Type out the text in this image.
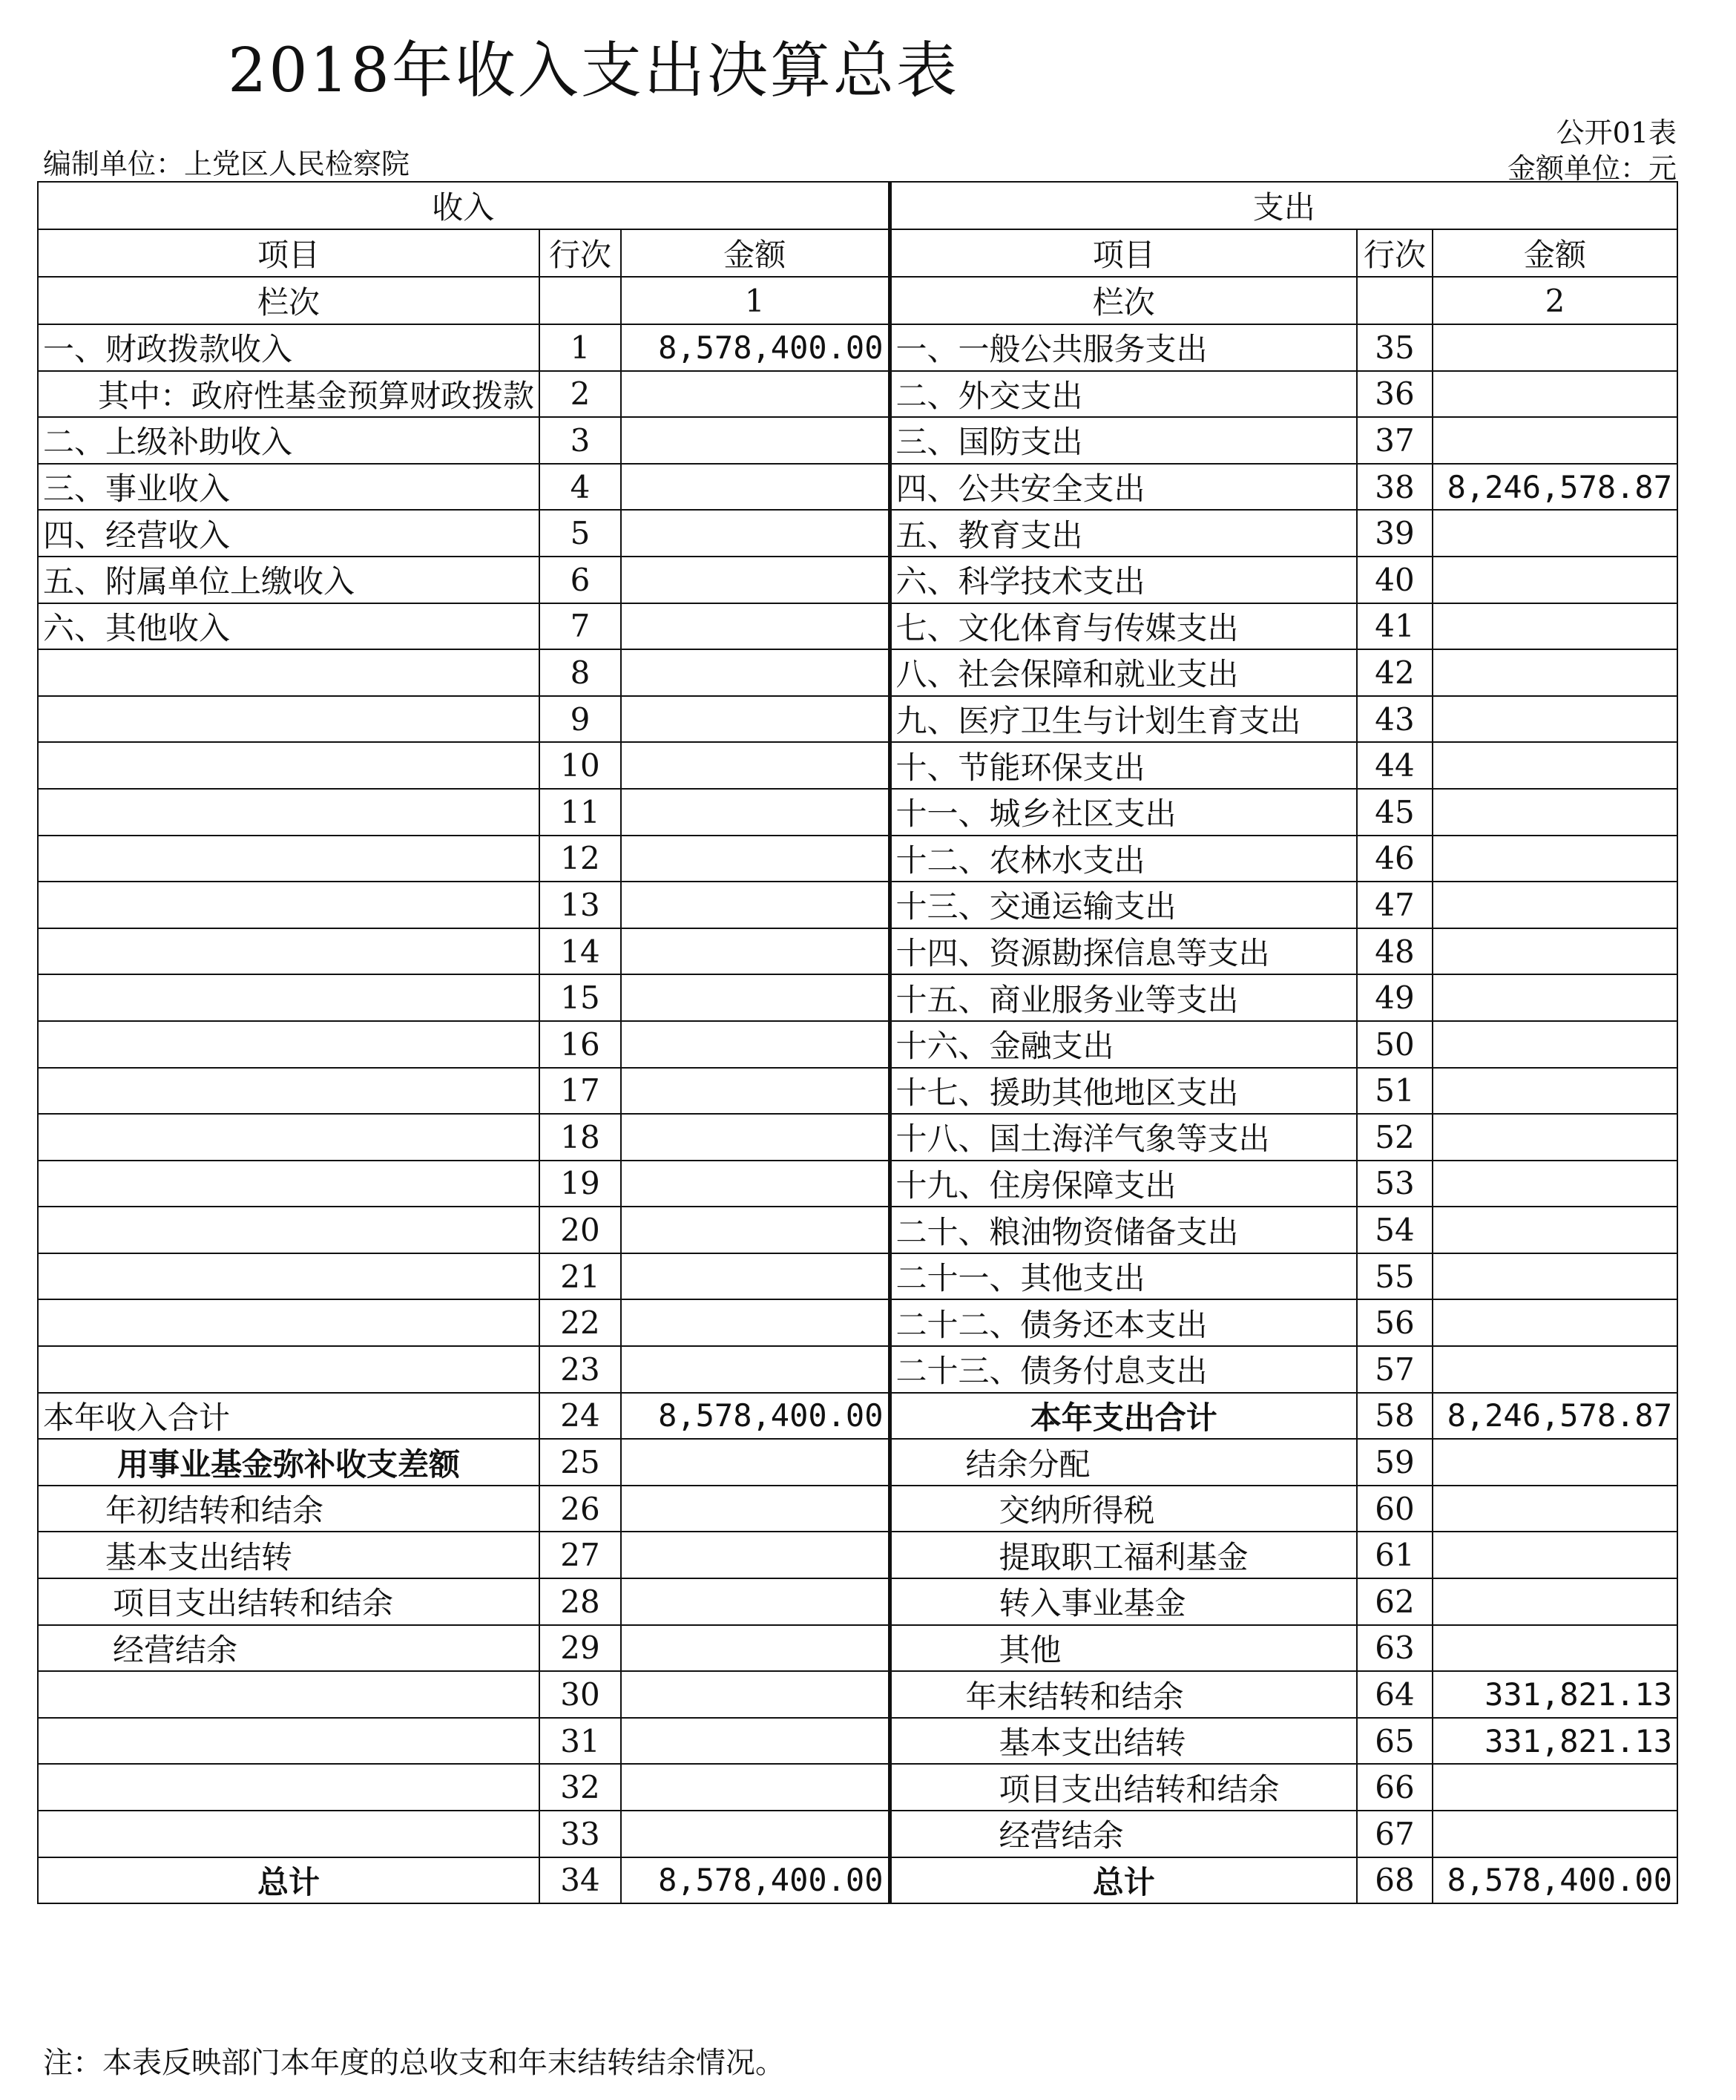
2018年收入支出决算总表
公开01表
编制单位：上党区人民检察院	金额单位：元
收入			支出		
项目	行次	金额	项目	行次	金额
栏次		1	栏次		2
一、财政拨款收入	1	8,578,400.00	一、一般公共服务支出	35	
其中：政府性基金预算财政拨款	2		二、外交支出	36	
二、上级补助收入	3		三、国防支出	37	
三、事业收入	4		四、公共安全支出	38	8,246,578.87
四、经营收入	5		五、教育支出	39	
五、附属单位上缴收入	6		六、科学技术支出	40	
六、其他收入	7		七、文化体育与传媒支出	41	
	8		八、社会保障和就业支出	42	
	9		九、医疗卫生与计划生育支出	43	
	10		十、节能环保支出	44	
	11		十一、城乡社区支出	45	
	12		十二、农林水支出	46	
	13		十三、交通运输支出	47	
	14		十四、资源勘探信息等支出	48	
	15		十五、商业服务业等支出	49	
	16		十六、金融支出	50	
	17		十七、援助其他地区支出	51	
	18		十八、国土海洋气象等支出	52	
	19		十九、住房保障支出	53	
	20		二十、粮油物资储备支出	54	
	21		二十一、其他支出	55	
	22		二十二、债务还本支出	56	
	23		二十三、债务付息支出	57	
本年收入合计	24	8,578,400.00	本年支出合计	58	8,246,578.87
用事业基金弥补收支差额	25		结余分配	59	
年初结转和结余	26		交纳所得税	60	
基本支出结转	27		提取职工福利基金	61	
项目支出结转和结余	28		转入事业基金	62	
经营结余	29		其他	63	
	30		年末结转和结余	64	331,821.13
	31		基本支出结转	65	331,821.13
	32		项目支出结转和结余	66	
	33		经营结余	67	
总计	34	8,578,400.00	总计	68	8,578,400.00
注：本表反映部门本年度的总收支和年末结转结余情况。
